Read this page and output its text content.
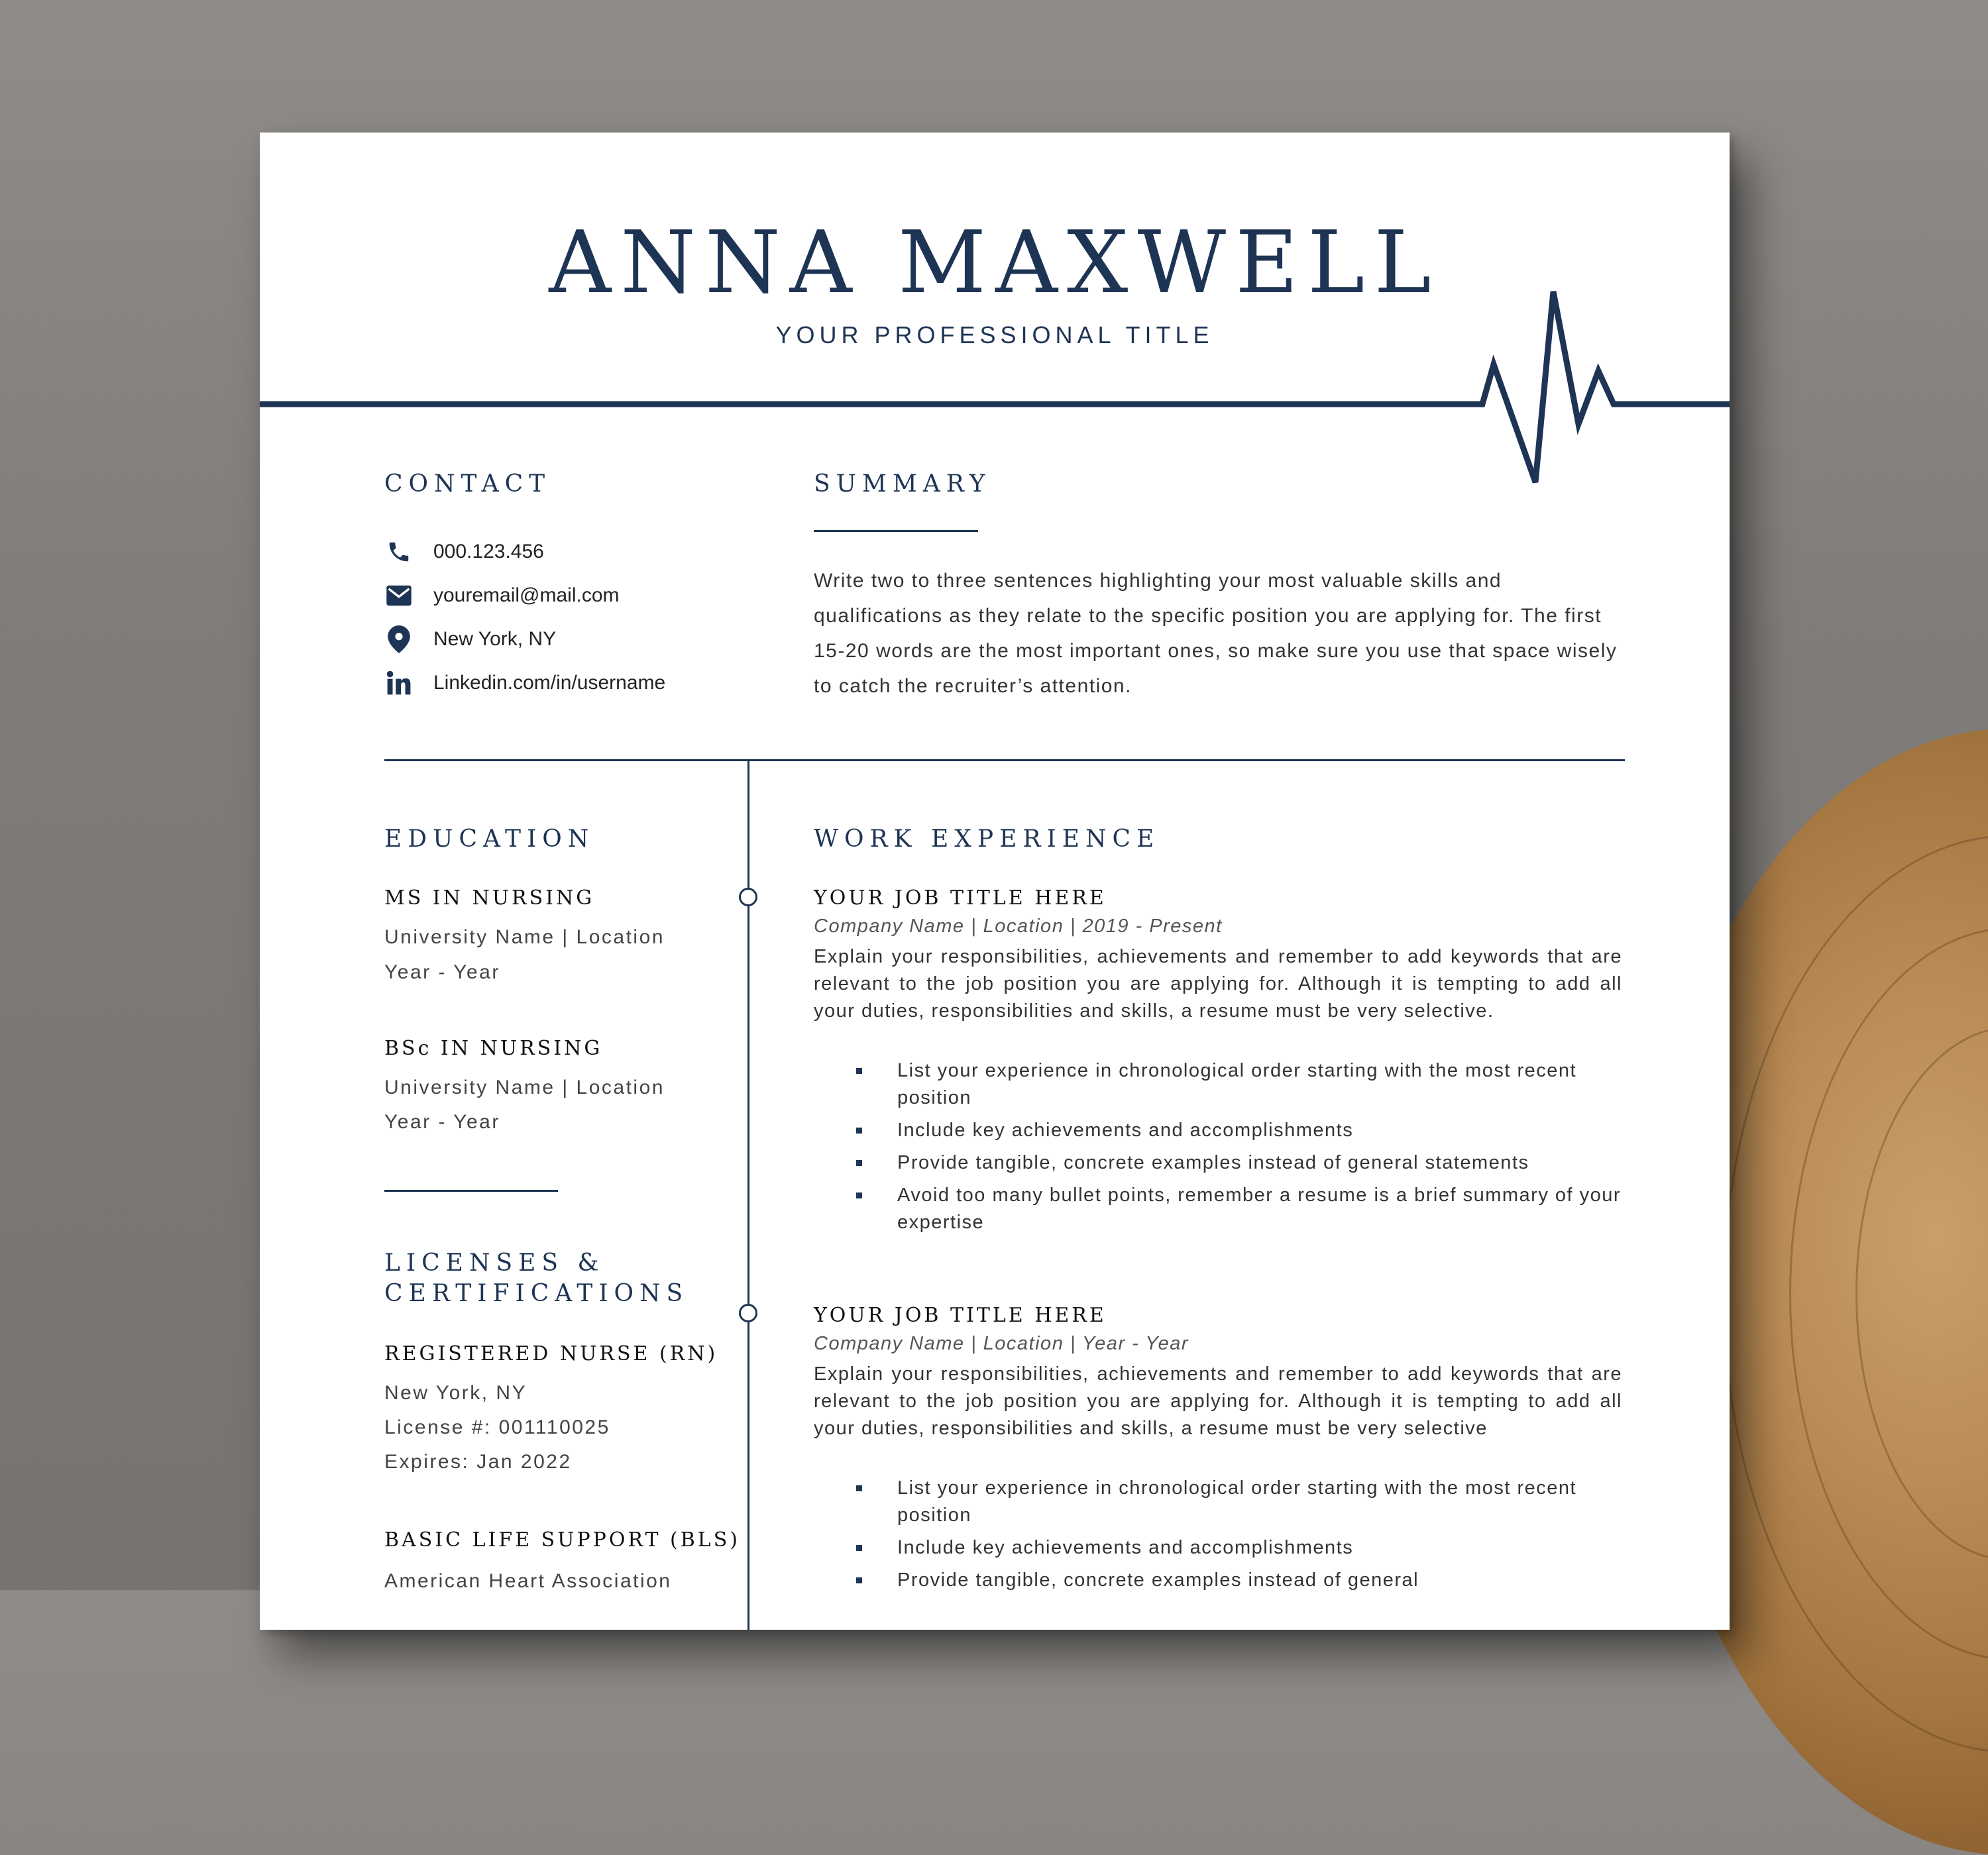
ANNA MAXWELL
YOUR PROFESSIONAL TITLE
CONTACT
000.123.456
youremail@mail.com
New York, NY
Linkedin.com/in/username
SUMMARY

Write two to three sentences highlighting your most valuable skills and qualifications as they relate to the specific position you are applying for. The first 15-20 words are the most important ones, so make sure you use that space wisely to catch the recruiter’s attention.

EDUCATION
MS IN NURSING
University Name | Location
Year - Year
BSc IN NURSING
University Name | Location
Year - Year
LICENSES &
CERTIFICATIONS
REGISTERED NURSE (RN)
New York, NY
License #: 001110025
Expires: Jan 2022
BASIC LIFE SUPPORT (BLS)
American Heart Association
WORK EXPERIENCE
YOUR JOB TITLE HERE
Company Name | Location | 2019 - Present

Explain your responsibilities, achievements and remember to add keywords that are relevant to the job position you are applying for. Although it is tempting to add all your duties, responsibilities and skills, a resume must be very selective.

List your experience in chronological order starting with the most recent position
Include key achievements and accomplishments
Provide tangible, concrete examples instead of general statements
Avoid too many bullet points, remember a resume is a brief summary of your expertise
YOUR JOB TITLE HERE
Company Name | Location | Year - Year

Explain your responsibilities, achievements and remember to add keywords that are relevant to the job position you are applying for. Although it is tempting to add all your duties, responsibilities and skills, a resume must be very selective

List your experience in chronological order starting with the most recent position
Include key achievements and accomplishments
Provide tangible, concrete examples instead of general
